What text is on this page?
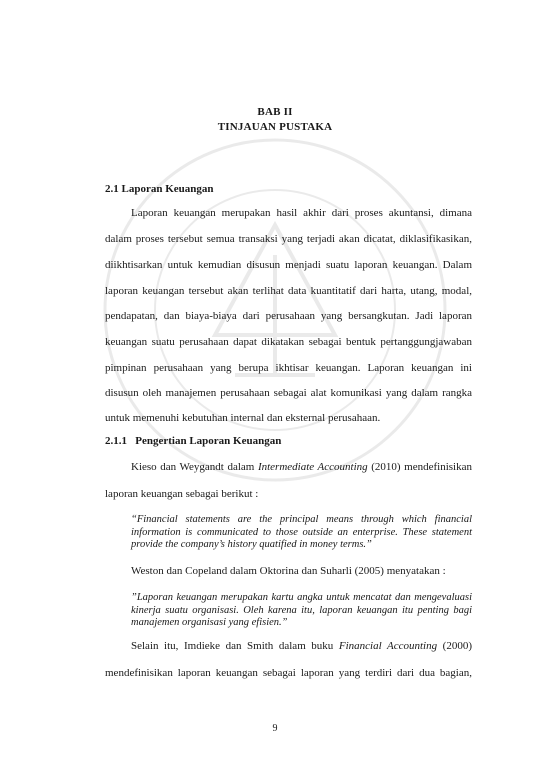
BAB II
TINJAUAN PUSTAKA
2.1 Laporan Keuangan
Laporan keuangan merupakan hasil akhir dari proses akuntansi, dimana
dalam proses tersebut semua transaksi yang terjadi akan dicatat, diklasifikasikan,
diikhtisarkan untuk kemudian disusun menjadi suatu laporan keuangan. Dalam
laporan keuangan tersebut akan terlihat data kuantitatif dari harta, utang, modal,
pendapatan, dan biaya-biaya dari perusahaan yang bersangkutan. Jadi laporan
keuangan suatu perusahaan dapat dikatakan sebagai bentuk pertanggungjawaban
pimpinan perusahaan yang berupa ikhtisar keuangan. Laporan keuangan ini
disusun oleh manajemen perusahaan sebagai alat komunikasi yang dalam rangka
untuk memenuhi kebutuhan internal dan eksternal perusahaan.
2.1.1   Pengertian Laporan Keuangan
Kieso dan Weygandt dalam Intermediate Accounting (2010) mendefinisikan
laporan keuangan sebagai berikut :
“Financial statements are the principal means through which financial information is communicated to those outside an enterprise. These statement provide the company’s history quatified in money terms.”
Weston dan Copeland dalam Oktorina dan Suharli (2005) menyatakan :
”Laporan keuangan merupakan kartu angka untuk mencatat dan mengevaluasi kinerja suatu organisasi. Oleh karena itu, laporan keuangan itu penting bagi manajemen organisasi yang efisien.”
Selain itu, Imdieke dan Smith dalam buku Financial Accounting (2000)
mendefinisikan laporan keuangan sebagai laporan yang terdiri dari dua bagian,
9
